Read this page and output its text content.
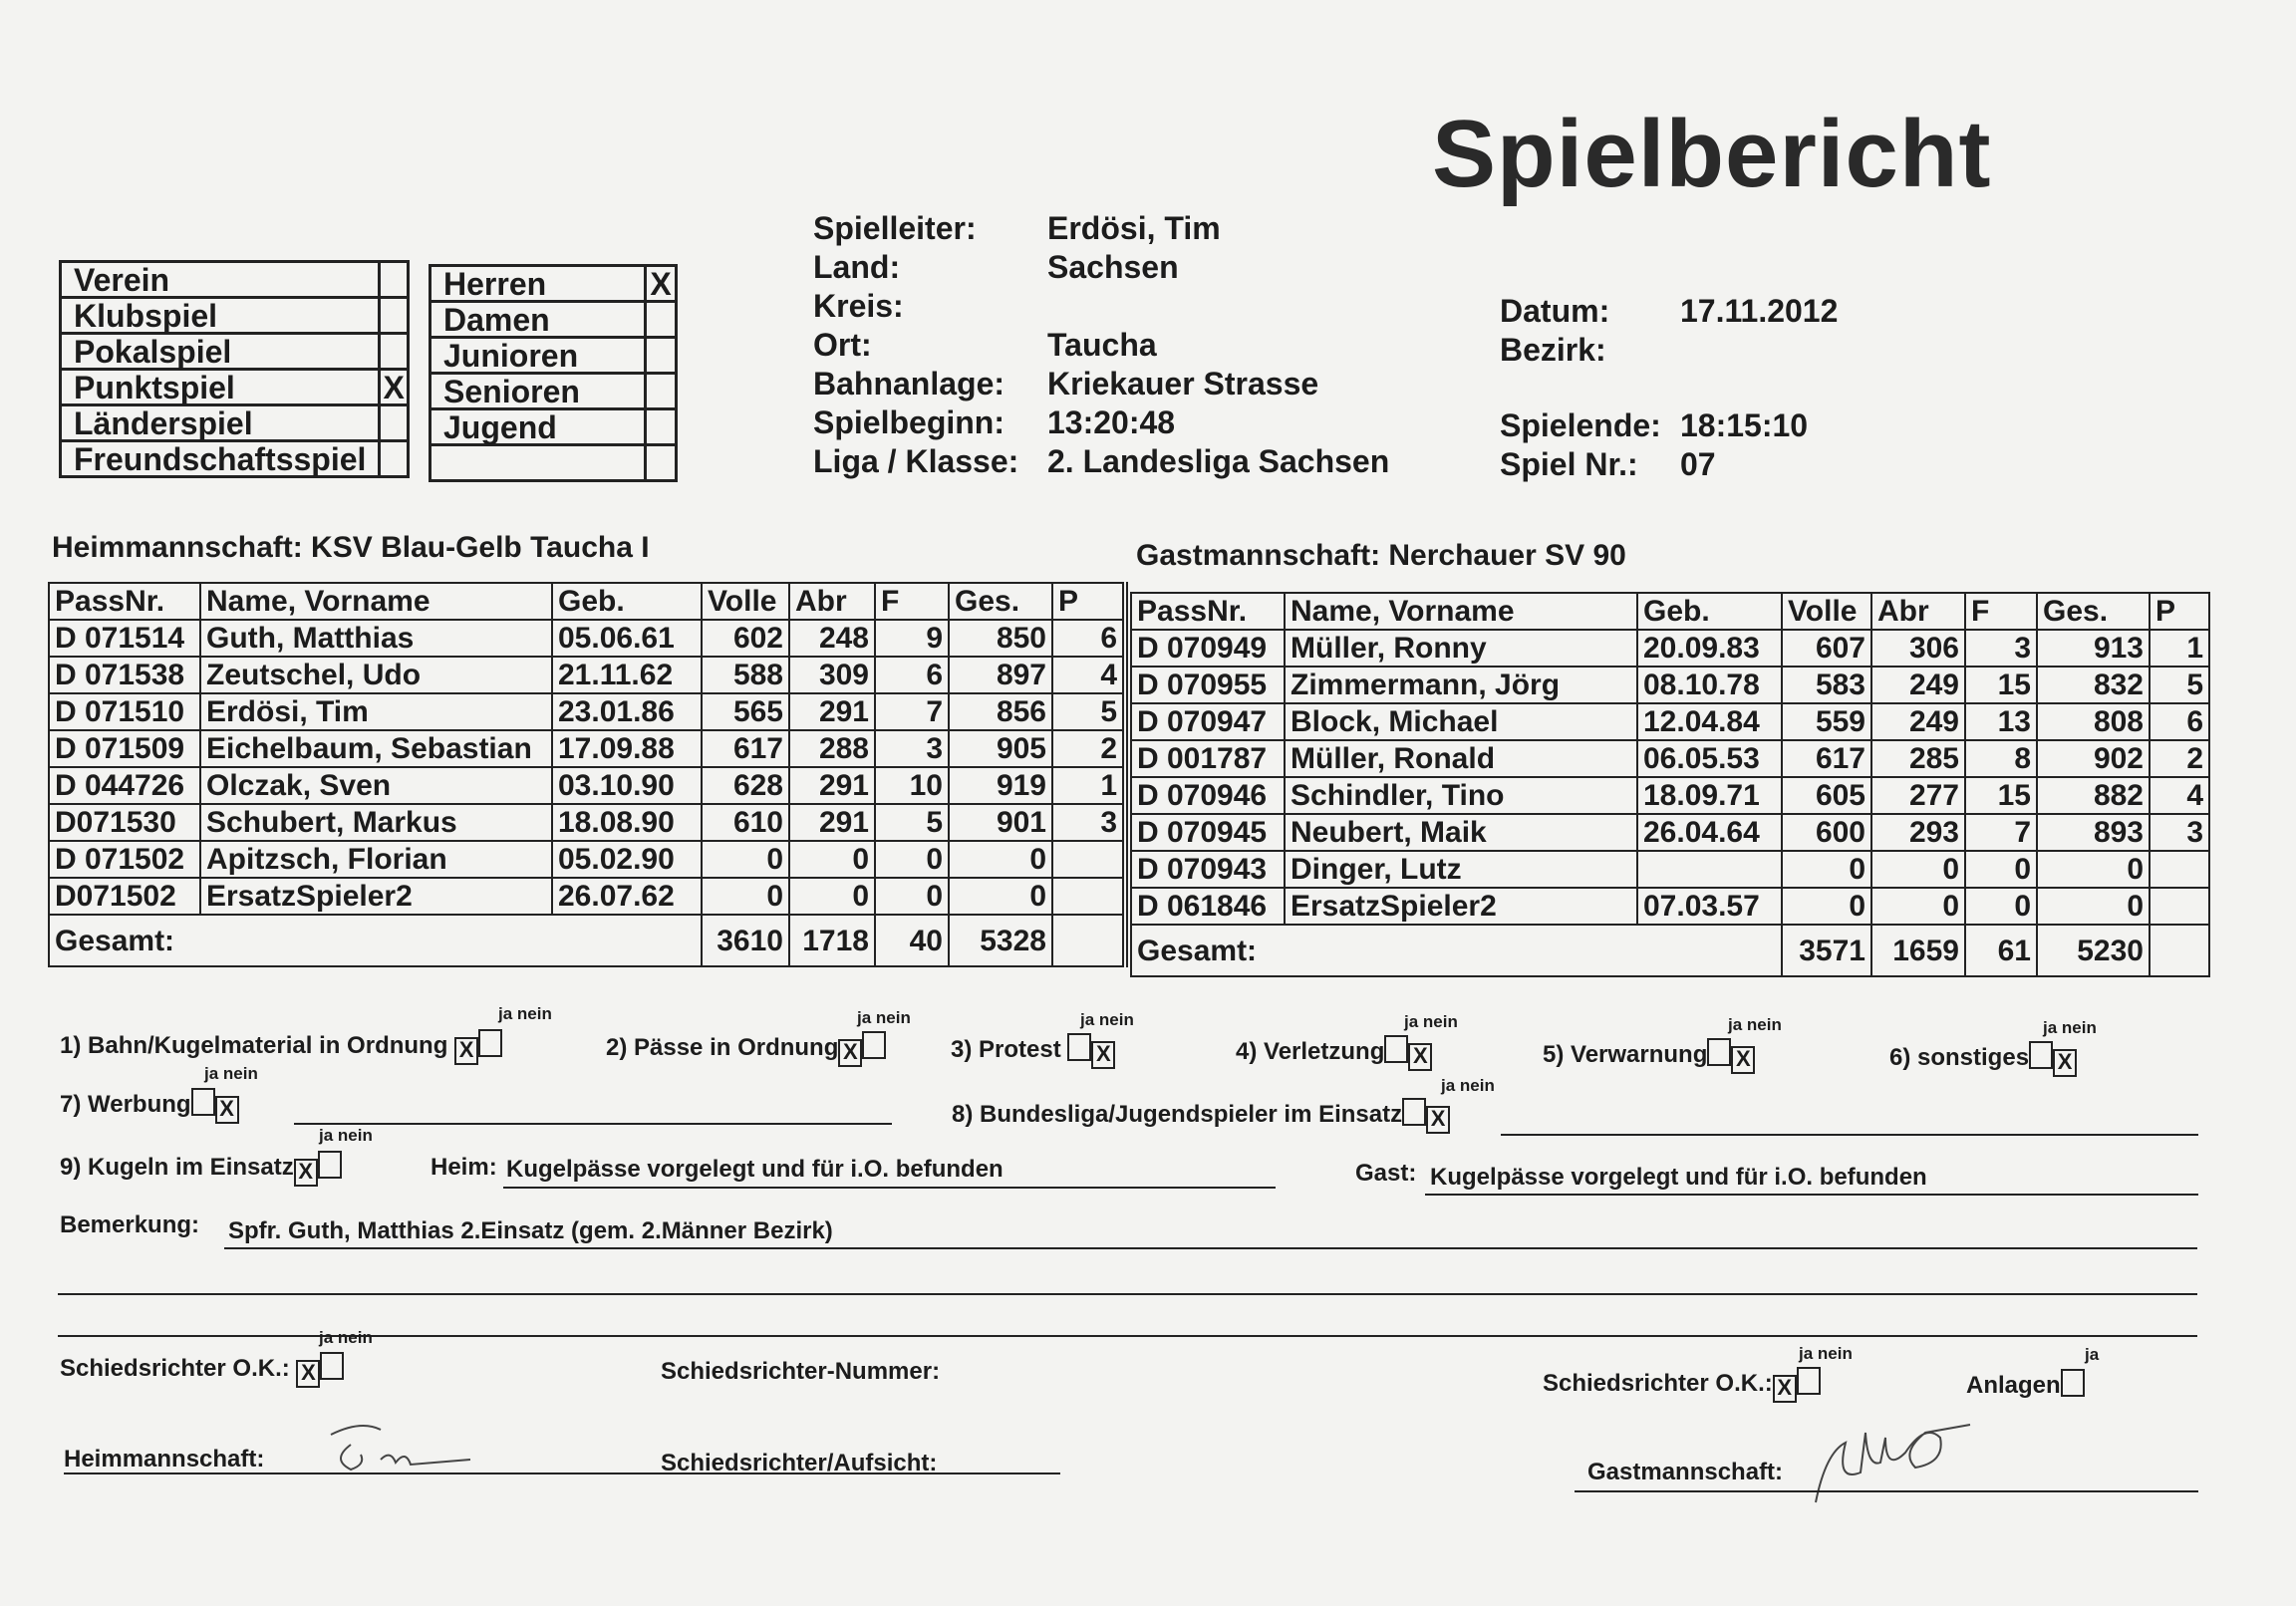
Spielbericht
Verein	
Klubspiel	
Pokalspiel	
Punktspiel	X
Länderspiel	
Freundschaftsspiel	
Herren	X
Damen	
Junioren	
Senioren	
Jugend	

Spielleiter: Erdösi, Tim
Land:	Sachsen
Kreis:
Ort:	Taucha
Bahnanlage: Kriekauer Strasse
Spielbeginn: 13:20:48
Liga / Klasse: 2. Landesliga Sachsen
Datum: 17.11.2012
Bezirk:
Spielende: 18:15:10
Spiel Nr.: 07
Heimmannschaft: KSV Blau-Gelb Taucha I	Gastmannschaft: Nerchauer SV 90
PassNr.	Name, Vorname	Geb.	Volle	Abr	F	Ges.	P
D 071514	Guth, Matthias	05.06.61	602	248	9	850	6
D 071538	Zeutschel, Udo	21.11.62	588	309	6	897	4
D 071510	Erdösi, Tim	23.01.86	565	291	7	856	5
D 071509	Eichelbaum, Sebastian	17.09.88	617	288	3	905	2
D 044726	Olczak, Sven	03.10.90	628	291	10	919	1
D071530	Schubert, Markus	18.08.90	610	291	5	901	3
D 071502	Apitzsch, Florian	05.02.90	0	0	0	0	
D071502	ErsatzSpieler2	26.07.62	0	0	0	0	
Gesamt:			3610	1718	40	5328	
PassNr.	Name, Vorname	Geb.	Volle	Abr	F	Ges.	P
D 070949	Müller, Ronny	20.09.83	607	306	3	913	1
D 070955	Zimmermann, Jörg	08.10.78	583	249	15	832	5
D 070947	Block, Michael	12.04.84	559	249	13	808	6
D 001787	Müller, Ronald	06.05.53	617	285	8	902	2
D 070946	Schindler, Tino	18.09.71	605	277	15	882	4
D 070945	Neubert, Maik	26.04.64	600	293	7	893	3
D 070943	Dinger, Lutz		0	0	0	0	
D 061846	ErsatzSpieler2	07.03.57	0	0	0	0	
Gesamt:			3571	1659	61	5230	
ja nein
1) Bahn/Kugelmaterial in Ordnung X
ja nein
2) Pässe in Ordnung X
ja nein
3) Protest X
ja nein
4) Verletzung X
ja nein
5) Verwarnung X
ja nein
6) sonstiges X
ja nein
7) Werbung X
ja nein
8) Bundesliga/Jugendspieler im Einsatz X
ja nein
9) Kugeln im Einsatz X	Heim: Kugelpässe vorgelegt und für i.O. befunden	Gast: Kugelpässe vorgelegt und für i.O. befunden
Bemerkung: Spfr. Guth, Matthias 2.Einsatz (gem. 2.Männer Bezirk)
ja nein
Schiedsrichter O.K.: X	Schiedsrichter-Nummer:
ja nein
Schiedsrichter O.K.: X
ja
Anlagen
Heimmannschaft:	Schiedsrichter/Aufsicht:	Gastmannschaft:
